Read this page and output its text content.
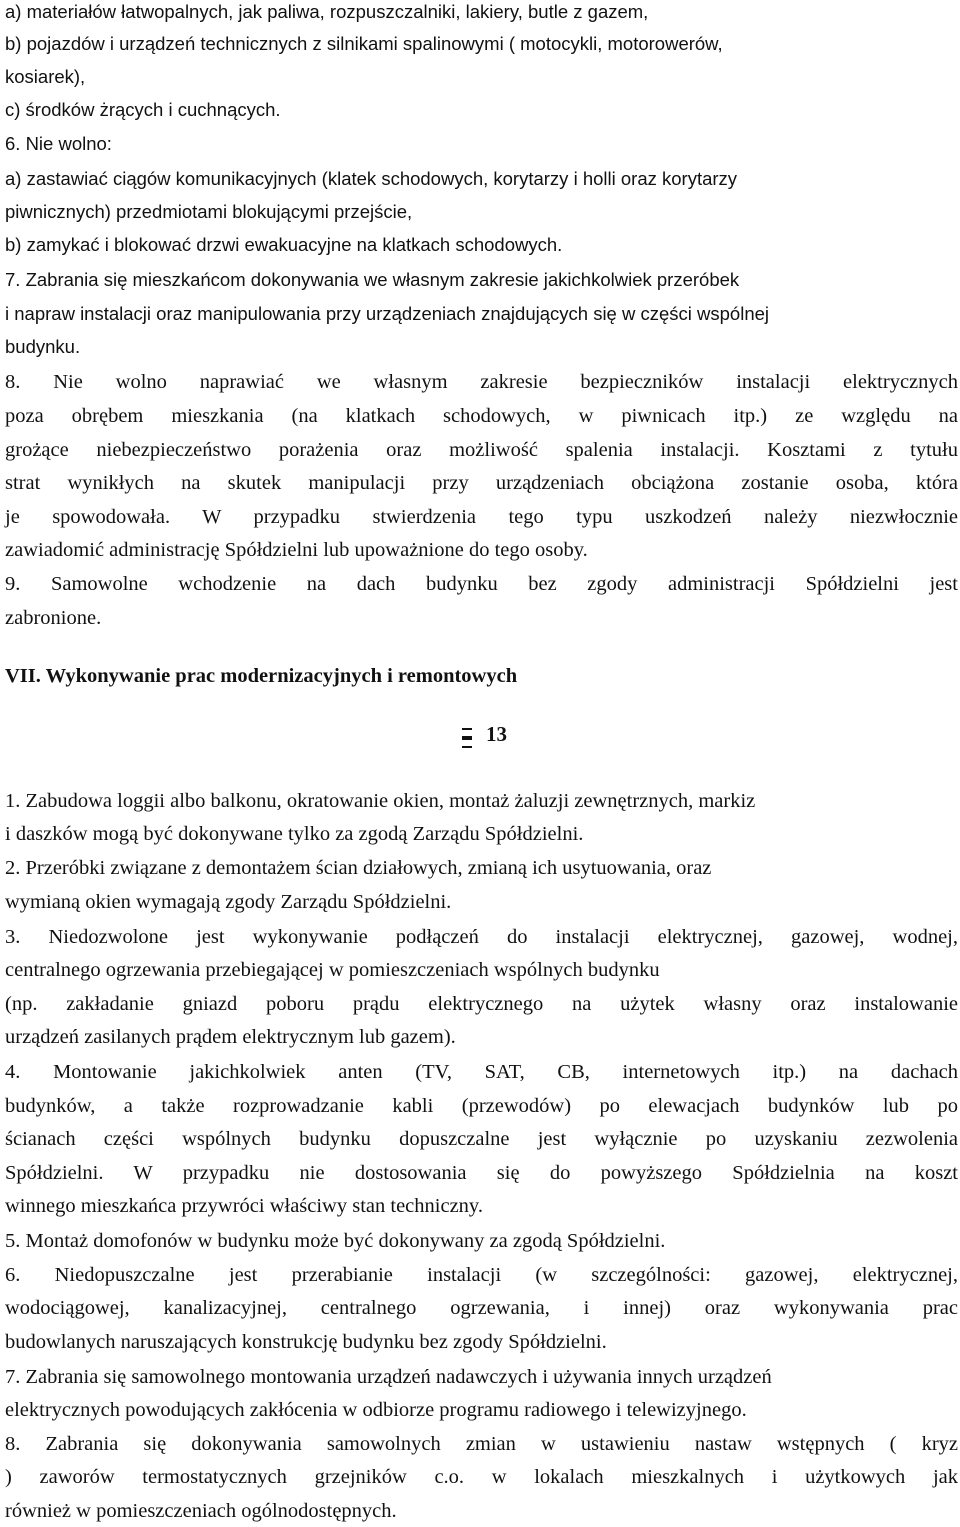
a) materiałów łatwopalnych, jak paliwa, rozpuszczalniki, lakiery, butle z gazem,
b) pojazdów i urządzeń technicznych z silnikami spalinowymi ( motocykli, motorowerów,
kosiarek),
c) środków żrących i cuchnących.
6. Nie wolno:
a) zastawiać ciągów komunikacyjnych (klatek schodowych, korytarzy i holli oraz korytarzy
piwnicznych) przedmiotami blokującymi przejście,
b) zamykać i blokować drzwi ewakuacyjne na klatkach schodowych.
7. Zabrania się mieszkańcom dokonywania we własnym zakresie jakichkolwiek przeróbek
i napraw instalacji oraz manipulowania przy urządzeniach znajdujących się w części wspólnej
budynku.
8. Nie wolno naprawiać we własnym zakresie bezpieczników instalacji elektrycznych
poza obrębem mieszkania (na klatkach schodowych, w piwnicach itp.) ze względu na
grożące niebezpieczeństwo porażenia oraz możliwość spalenia instalacji. Kosztami z tytułu
strat wynikłych na skutek manipulacji przy urządzeniach obciążona zostanie osoba, która
je spowodowała. W przypadku stwierdzenia tego typu uszkodzeń należy niezwłocznie
zawiadomić administrację Spółdzielni lub upoważnione do tego osoby.
9. Samowolne wchodzenie na dach budynku bez zgody administracji Spółdzielni jest
zabronione.
VII. Wykonywanie prac modernizacyjnych i remontowych
13
1. Zabudowa loggii albo balkonu, okratowanie okien, montaż żaluzji zewnętrznych, markiz
i daszków mogą być dokonywane tylko za zgodą Zarządu Spółdzielni.
2. Przeróbki związane z demontażem ścian działowych, zmianą ich usytuowania, oraz
wymianą okien wymagają zgody Zarządu Spółdzielni.
3. Niedozwolone jest wykonywanie podłączeń do instalacji elektrycznej, gazowej, wodnej,
centralnego ogrzewania przebiegającej w pomieszczeniach wspólnych budynku
(np. zakładanie gniazd poboru prądu elektrycznego na użytek własny oraz instalowanie
urządzeń zasilanych prądem elektrycznym lub gazem).
4. Montowanie jakichkolwiek anten (TV, SAT, CB, internetowych itp.) na dachach
budynków, a także rozprowadzanie kabli (przewodów) po elewacjach budynków lub po
ścianach części wspólnych budynku dopuszczalne jest wyłącznie po uzyskaniu zezwolenia
Spółdzielni. W przypadku nie dostosowania się do powyższego Spółdzielnia na koszt
winnego mieszkańca przywróci właściwy stan techniczny.
5. Montaż domofonów w budynku może być dokonywany za zgodą Spółdzielni.
6. Niedopuszczalne jest przerabianie instalacji (w szczególności: gazowej, elektrycznej,
wodociągowej, kanalizacyjnej, centralnego ogrzewania, i innej) oraz wykonywania prac
budowlanych naruszających konstrukcję budynku bez zgody Spółdzielni.
7. Zabrania się samowolnego montowania urządzeń nadawczych i używania innych urządzeń
elektrycznych powodujących zakłócenia w odbiorze programu radiowego i telewizyjnego.
8. Zabrania się dokonywania samowolnych zmian w ustawieniu nastaw wstępnych ( kryz
) zaworów termostatycznych grzejników c.o. w lokalach mieszkalnych i użytkowych jak
również w pomieszczeniach ogólnodostępnych.
